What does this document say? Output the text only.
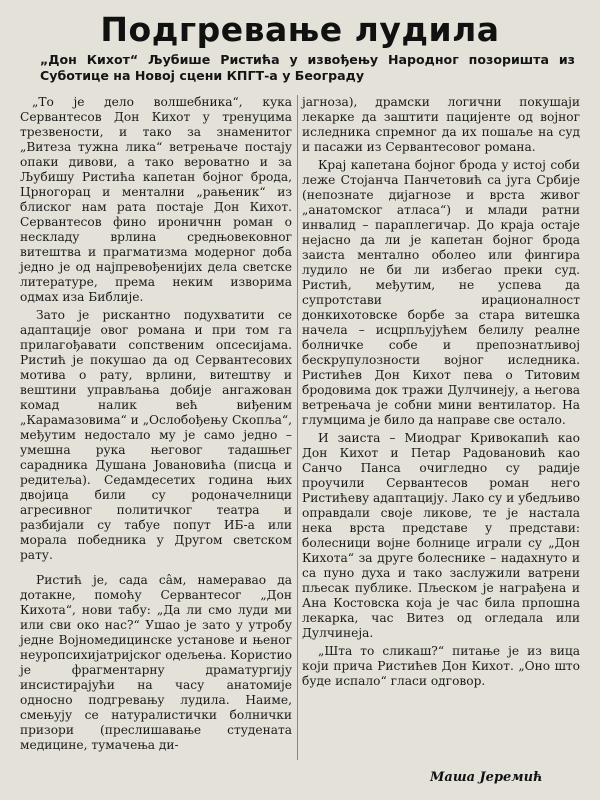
Подгревање лудила
„Дон Кихот“ Љубише Ристића у извођењу Народног позоришта из Суботице на Новој сцени КПГТ-а у Београду

„То је дело волшебника“, кука Сервантесов Дон Кихот у тренуцима трезвености, и такo за знаменитог „Витеза тужна лика“ ветрењаче постају опаки дивови, а такo вероватно и за Љубишу Ристића капетан бојног брода, Црногорац и ментални „рањеник“ из блиског нам ратa постаје Дон Кихот. Сервантесов фино ироничнн роман о нескладу врлина средњовековног витештва и прагматизма модерног доба једно је од најпревођенијих дела светске литературе, према неким изворима одмах иза Библије.

Зато је рискантно подухватити се адаптације овог романа и при том га прилагођавати сопственим опсесијама. Ристић је покушао да од Сервантесових мотива о рату, врлини, витештву и вештини управљања добије ангажован комад налик већ виђеним „Карамазовима“ и „Ослобођењу Скопља“, међутим недостало му је само једно – умешна рука његовог тадашњег сарадника Душана Јовановића (писца и редитеља). Седамдесетих година њих двојица били су родоначелници агресивног политичког театра и разбијали су табуе попут ИБ-а или морала победника у Другом светском рату.

Ристић је, сада сâм, намеравао да дотакне, помоћу Сервантесог „Дон Кихота“, нови табу: „Да ли смо луди ми или сви око нас?“ Ушао је зато у утробу једне Војномедицинске установе и њеног неуропсихијатријског одељења. Користио је фрагментарну драматургију инсистирајући на часу анатомије односно подгревању лудила. Наиме, смењују се натуралистички болнички призори (преслишавање студената медицине, тумачења ди-

јагнозa), драмски логични покушаји лекарке да заштити пацијенте од војног иследника спремног да их пошаље на суд и пасажи из Сервантесовог романа.

Крај капетана бојног брода у истој соби леже Стојанча Панчетовић са југа Србије (непознате дијагнозе и врста живог „анатомског атласа“) и млади ратни инвалид – параплегичар. До краја остаје нејасно да ли је капетан бојног брода заиста ментално оболео или фингира лудило не би ли избегао преки суд. Ристић, међутим, не успева да супротстави ирационалност донкихотовске борбе за стара витешка начела – исцрпљујућем белилу реалне болничке собе и препознатљивој бескрупулозности војног иследника. Ристићев Дон Кихот пева о Титовим бродовима док тражи Дулчинеју, а његова ветрењача је собни мини вентилатор. На глумцима је било да направе све остало.

И заиста – Миодраг Кривокапић као Дон Кихот и Петар Радовановић као Санчо Панса очигледно су радије проучили Сервантесов роман него Ристићеву адаптацију. Лако су и убедљиво оправдали своје ликове, те је настала нека врста представе у представи: болесници војне болнице играли су „Дон Кихота“ за друге болеснике – надахнуто и са пуно духа и тако заслужили ватрени пљесак публике. Пљеском је награђена и Ана Костовска која је час била прпошна лекарка, час Витез од огледала или Дулчинеја.

„Шта то сликаш?“ питање је из вица који прича Ристићев Дон Кихот. „Оно што буде испало“ гласи одговор.

Маша Јеремић
